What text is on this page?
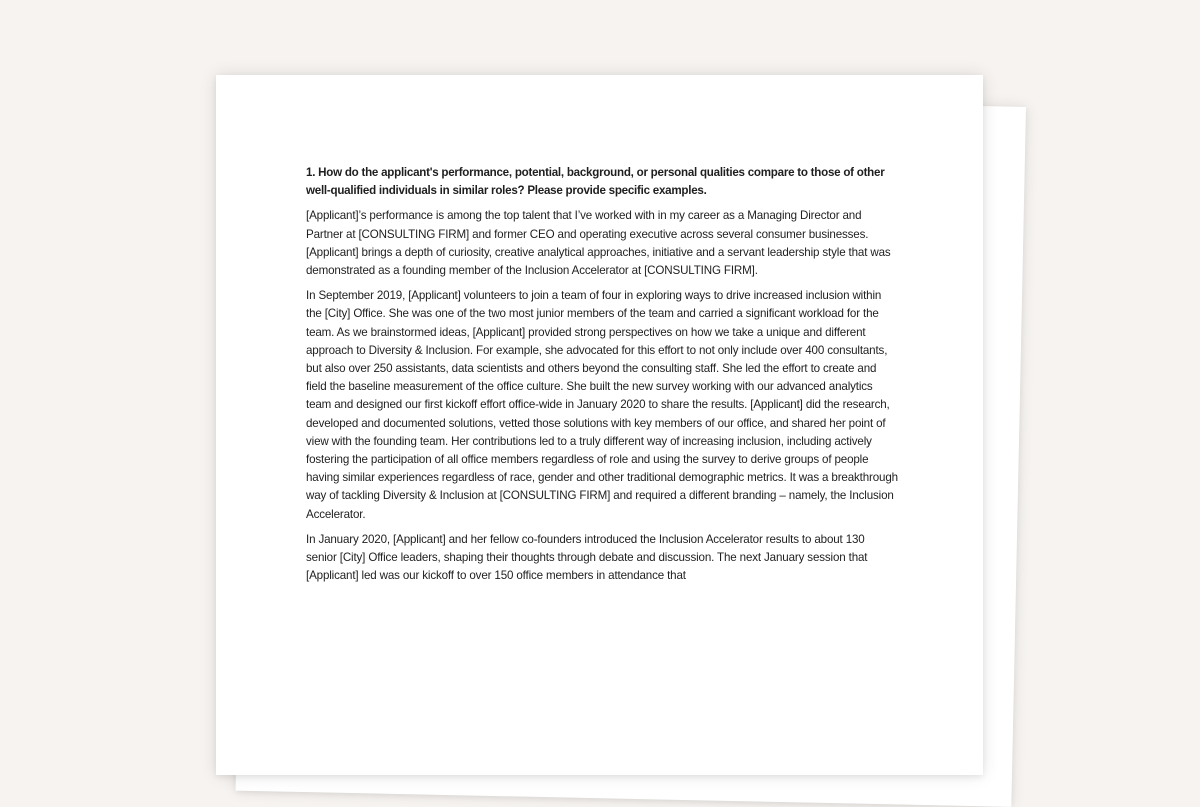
1. How do the applicant's performance, potential, background, or personal qualities compare to those of other well-qualified individuals in similar roles? Please provide specific examples.

[Applicant]’s performance is among the top talent that I’ve worked with in my career as a Managing Director and Partner at [CONSULTING FIRM] and former CEO and operating executive across several consumer businesses. [Applicant] brings a depth of curiosity, creative analytical approaches, initiative and a servant leadership style that was demonstrated as a founding member of the Inclusion Accelerator at [CONSULTING FIRM].

In September 2019, [Applicant] volunteers to join a team of four in exploring ways to drive increased inclusion within the [City] Office. She was one of the two most junior members of the team and carried a significant workload for the team. As we brainstormed ideas, [Applicant] provided strong perspectives on how we take a unique and different approach to Diversity & Inclusion. For example, she advocated for this effort to not only include over 400 consultants, but also over 250 assistants, data scientists and others beyond the consulting staff. She led the effort to create and field the baseline measurement of the office culture. She built the new survey working with our advanced analytics team and designed our first kickoff effort office-wide in January 2020 to share the results. [Applicant] did the research, developed and documented solutions, vetted those solutions with key members of our office, and shared her point of view with the founding team. Her contributions led to a truly different way of increasing inclusion, including actively fostering the participation of all office members regardless of role and using the survey to derive groups of people having similar experiences regardless of race, gender and other traditional demographic metrics. It was a breakthrough way of tackling Diversity & Inclusion at [CONSULTING FIRM] and required a different branding – namely, the Inclusion Accelerator.

In January 2020, [Applicant] and her fellow co-founders introduced the Inclusion Accelerator results to about 130 senior [City] Office leaders, shaping their thoughts through debate and discussion. The next January session that [Applicant] led was our kickoff to over 150 office members in attendance that
